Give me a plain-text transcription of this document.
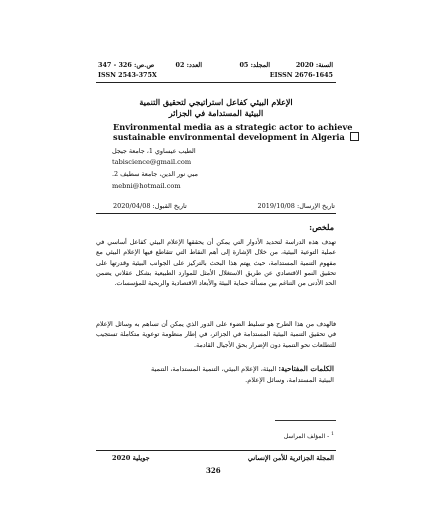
السنة: 2020
المجلد: 05
العدد: 02
ص.ص: 326 - 347
EISSN 2676-1645
ISSN 2543-375X
الإعلام البيئي كفاعل استراتيجي لتحقيق التنمية
البيئية المستدامة في الجزائر
Environmental media as a strategic actor to achieve
sustainable environmental development in Algeria
الطيب عيساوي 1، جامعة جيجل
tabiscience@gmail.com
مبي نور الدين، جامعة سطيف 2.
mebni@hotmail.com
تاريخ الإرسال: 2019/10/08
تاريخ القبول: 2020/04/08
ملخص:
تهدف هذه الدراسة لتحديد الأدوار التي يمكن أن يحققها الإعلام البيئي كفاعل أساسي في عملية التوعية البيئية، من خلال الإشارة إلى أهم النقاط التي تتقاطع فيها الإعلام البيئي مع مفهوم التنمية المستدامة، حيث يهتم هذا البحث بالتركيز على الجوانب البيئية وقدرتها على تحقيق النمو الاقتصادي عن طريق الاستغلال الأمثل للموارد الطبيعية بشكل عقلاني يضمن الحد الأدنى من التناغم بين مسألة حماية البيئة والأبعاد الاقتصادية والربحية للمؤسسات.
فالهدف من هذا الطرح هو تسليط الضوء على الدور الذي يمكن أن تساهم به وسائل الإعلام في تحقيق التنمية البيئية المستدامة في الجزائر، في إطار منظومة توعوية متكاملة تستجيب للتطلعات نحو التنمية دون الإضرار بحق الأجيال القادمة.
الكلمات المفتاحية: البيئة، الإعلام البيئي، التنمية المستدامة، التنمية
البيئية المستدامة، وسائل الإعلام.
$^1$ - المؤلف المراسل
المجلة الجزائرية للأمن الإنساني
جويلية 2020
326
